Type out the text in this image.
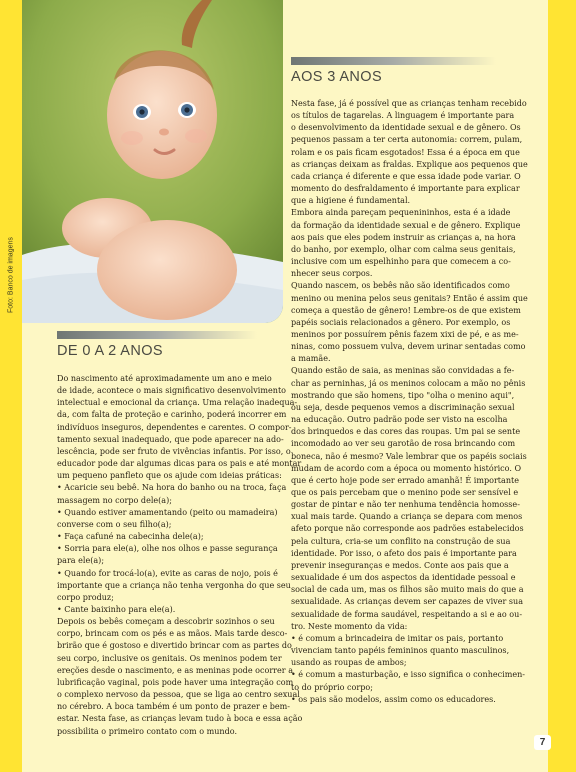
Foto: Banco de imagens
DE 0 A 2 ANOS
Do nascimento até aproximadamente um ano e meio
de idade, acontece o mais significativo desenvolvimento
intelectual e emocional da criança. Uma relação inadequa-
da, com falta de proteção e carinho, poderá incorrer em
indivíduos inseguros, dependentes e carentes. O compor-
tamento sexual inadequado, que pode aparecer na ado-
lescência, pode ser fruto de vivências infantis. Por isso, o
educador pode dar algumas dicas para os pais e até montar
um pequeno panfleto que os ajude com ideias práticas:
• Acaricie seu bebê. Na hora do banho ou na troca, faça
massagem no corpo dele(a);
• Quando estiver amamentando (peito ou mamadeira)
converse com o seu filho(a);
• Faça cafuné na cabecinha dele(a);
• Sorria para ele(a), olhe nos olhos e passe segurança
para ele(a);
• Quando for trocá-lo(a), evite as caras de nojo, pois é
importante que a criança não tenha vergonha do que seu
corpo produz;
• Cante baixinho para ele(a).
Depois os bebês começam a descobrir sozinhos o seu
corpo, brincam com os pés e as mãos. Mais tarde desco-
brirão que é gostoso e divertido brincar com as partes do
seu corpo, inclusive os genitais. Os meninos podem ter
ereções desde o nascimento, e as meninas pode ocorrer a
lubrificação vaginal, pois pode haver uma integração com
o complexo nervoso da pessoa, que se liga ao centro sexual
no cérebro. A boca também é um ponto de prazer e bem-
estar. Nesta fase, as crianças levam tudo à boca e essa ação
possibilita o primeiro contato com o mundo.
AOS 3 ANOS
Nesta fase, já é possível que as crianças tenham recebido
os títulos de tagarelas. A linguagem é importante para
o desenvolvimento da identidade sexual e de gênero. Os
pequenos passam a ter certa autonomia: correm, pulam,
rolam e os pais ficam esgotados! Essa é a época em que
as crianças deixam as fraldas. Explique aos pequenos que
cada criança é diferente e que essa idade pode variar. O
momento do desfraldamento é importante para explicar
que a higiene é fundamental.
Embora ainda pareçam pequenininhos, esta é a idade
da formação da identidade sexual e de gênero. Explique
aos pais que eles podem instruir as crianças a, na hora
do banho, por exemplo, olhar com calma seus genitais,
inclusive com um espelhinho para que comecem a co-
nhecer seus corpos.
Quando nascem, os bebês não são identificados como
menino ou menina pelos seus genitais? Então é assim que
começa a questão de gênero! Lembre-os de que existem
papéis sociais relacionados a gênero. Por exemplo, os
meninos por possuírem pênis fazem xixi de pé, e as me-
ninas, como possuem vulva, devem urinar sentadas como
a mamãe.
Quando estão de saia, as meninas são convidadas a fe-
char as perninhas, já os meninos colocam a mão no pênis
mostrando que são homens, tipo "olha o menino aqui",
ou seja, desde pequenos vemos a discriminação sexual
na educação. Outro padrão pode ser visto na escolha
dos brinquedos e das cores das roupas. Um pai se sente
incomodado ao ver seu garotão de rosa brincando com
boneca, não é mesmo? Vale lembrar que os papéis sociais
mudam de acordo com a época ou momento histórico. O
que é certo hoje pode ser errado amanhã! É importante
que os pais percebam que o menino pode ser sensível e
gostar de pintar e não ter nenhuma tendência homosse-
xual mais tarde. Quando a criança se depara com menos
afeto porque não corresponde aos padrões estabelecidos
pela cultura, cria-se um conflito na construção de sua
identidade. Por isso, o afeto dos pais é importante para
prevenir inseguranças e medos. Conte aos pais que a
sexualidade é um dos aspectos da identidade pessoal e
social de cada um, mas os filhos são muito mais do que a
sexualidade. As crianças devem ser capazes de viver sua
sexualidade de forma saudável, respeitando a si e ao ou-
tro. Neste momento da vida:
• é comum a brincadeira de imitar os pais, portanto
vivenciam tanto papéis femininos quanto masculinos,
usando as roupas de ambos;
• é comum a masturbação, e isso significa o conhecimen-
to do próprio corpo;
• os pais são modelos, assim como os educadores.
7
